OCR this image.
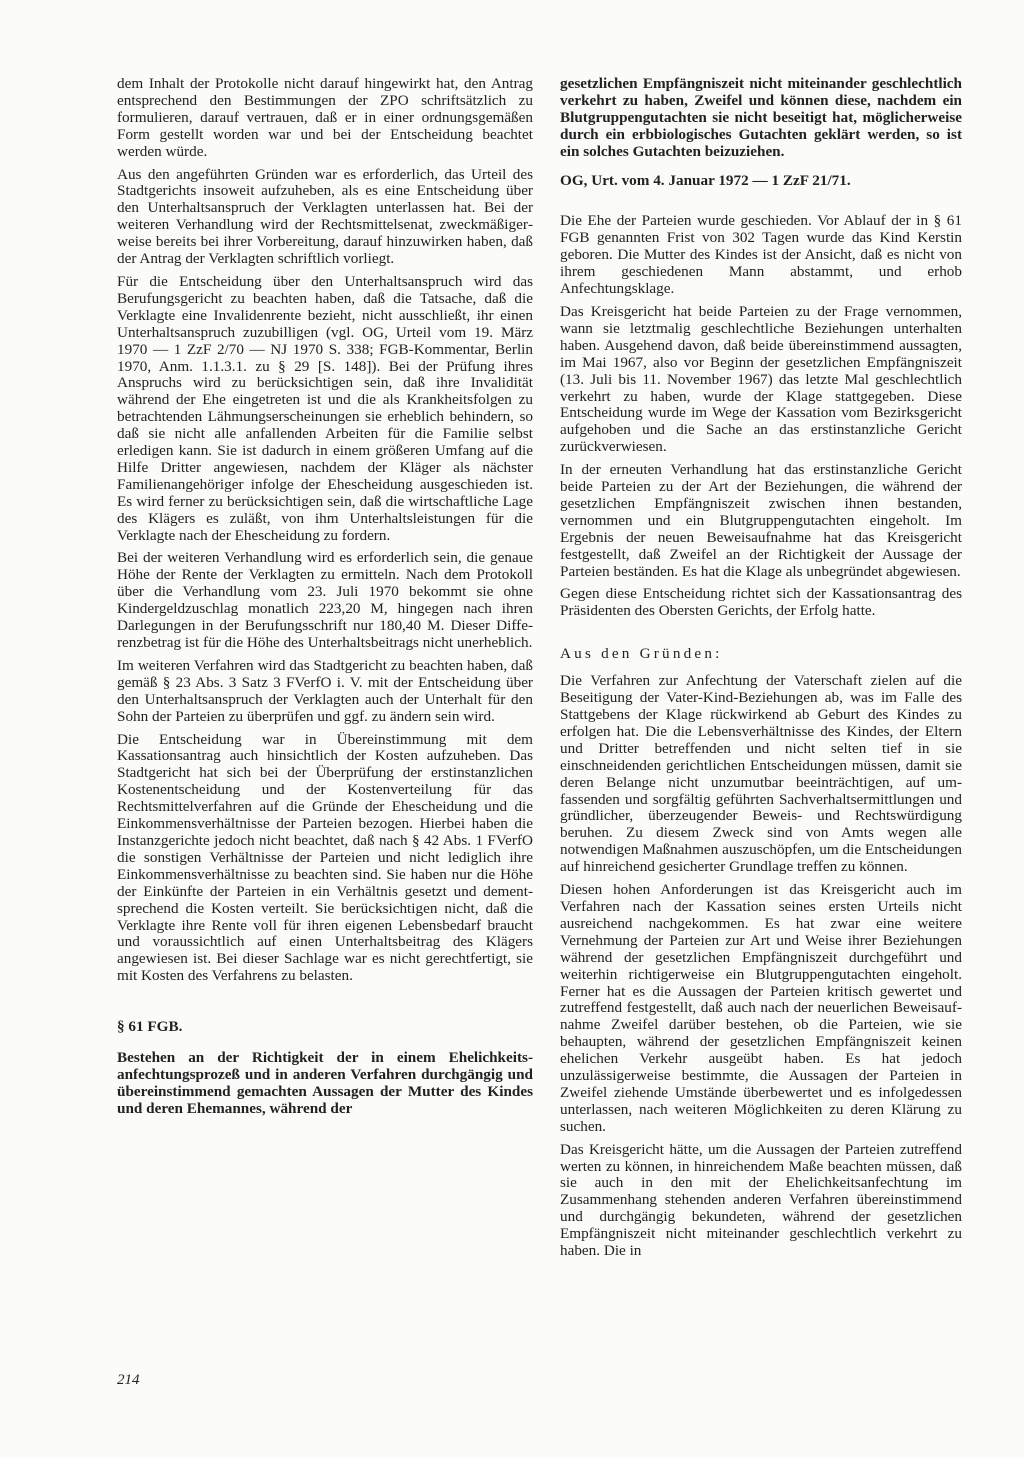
dem Inhalt der Protokolle nicht darauf hingewirkt hat, den Antrag entsprechend den Bestimmungen der ZPO schriftsätzlich zu formulieren, darauf vertrauen, daß er in einer ordnungsgemäßen Form gestellt worden war und bei der Entscheidung beachtet werden würde.

Aus den angeführten Gründen war es erforderlich, das Urteil des Stadtgerichts insoweit aufzuheben, als es eine Entscheidung über den Unterhaltsanspruch der Verklagten unterlassen hat. Bei der weiteren Verhandlung wird der Rechtsmittelsenat, zweckmäßigerweise bereits bei ihrer Vorbereitung, darauf hinzuwirken haben, daß der Antrag der Verklagten schriftlich vorliegt.

Für die Entscheidung über den Unterhaltsanspruch wird das Berufungsgericht zu beachten haben, daß die Tatsache, daß die Verklagte eine Invalidenrente bezieht, nicht ausschließt, ihr einen Unterhaltsanspruch zuzubilligen (vgl. OG, Urteil vom 19. März 1970 — 1 ZzF 2/70 — NJ 1970 S. 338; FGB-Kommentar, Berlin 1970, Anm. 1.1.3.1. zu § 29 [S. 148]). Bei der Prüfung ihres Anspruchs wird zu berücksichtigen sein, daß ihre Invalidität während der Ehe eingetreten ist und die als Krankheitsfolgen zu betrachtenden Lähmungserscheinungen sie erheblich behindern, so daß sie nicht alle anfallenden Arbeiten für die Familie selbst erledigen kann. Sie ist dadurch in einem größeren Umfang auf die Hilfe Dritter angewiesen, nachdem der Kläger als nächster Familienangehöriger infolge der Ehescheidung ausgeschieden ist. Es wird ferner zu berücksichtigen sein, daß die wirtschaftliche Lage des Klägers es zuläßt, von ihm Unterhaltsleistungen für die Verklagte nach der Ehescheidung zu fordern.

Bei der weiteren Verhandlung wird es erforderlich sein, die genaue Höhe der Rente der Verklagten zu ermitteln. Nach dem Protokoll über die Verhandlung vom 23. Juli 1970 bekommt sie ohne Kindergeldzuschlag monatlich 223,20 M, hingegen nach ihren Darlegungen in der Berufungsschrift nur 180,40 M. Dieser Differenzbetrag ist für die Höhe des Unterhaltsbeitrags nicht unerheblich.

Im weiteren Verfahren wird das Stadtgericht zu beachten haben, daß gemäß § 23 Abs. 3 Satz 3 FVerfO i. V. mit der Entscheidung über den Unterhaltsanspruch der Verklagten auch der Unterhalt für den Sohn der Parteien zu überprüfen und ggf. zu ändern sein wird.

Die Entscheidung war in Übereinstimmung mit dem Kassationsantrag auch hinsichtlich der Kosten aufzuheben. Das Stadtgericht hat sich bei der Überprüfung der erstinstanzlichen Kostenentscheidung und der Kostenverteilung für das Rechtsmittelverfahren auf die Gründe der Ehescheidung und die Einkommensverhältnisse der Parteien bezogen. Hierbei haben die Instanzgerichte jedoch nicht beachtet, daß nach § 42 Abs. 1 FVerfO die sonstigen Verhältnisse der Parteien und nicht lediglich ihre Einkommensverhältnisse zu beachten sind. Sie haben nur die Höhe der Einkünfte der Parteien in ein Verhältnis gesetzt und dementsprechend die Kosten verteilt. Sie berücksichtigen nicht, daß die Verklagte ihre Rente voll für ihren eigenen Lebensbedarf braucht und voraussichtlich auf einen Unterhaltsbeitrag des Klägers angewiesen ist. Bei dieser Sachlage war es nicht gerechtfertigt, sie mit Kosten des Verfahrens zu belasten.

§ 61 FGB.

Bestehen an der Richtigkeit der in einem Ehelichkeitsanfechtungsprozeß und in anderen Verfahren durchgängig und übereinstimmend gemachten Aussagen der Mutter des Kindes und deren Ehemannes, während der

gesetzlichen Empfängniszeit nicht miteinander geschlechtlich verkehrt zu haben, Zweifel und können diese, nachdem ein Blutgruppengutachten sie nicht beseitigt hat, möglicherweise durch ein erbbiologisches Gutachten geklärt werden, so ist ein solches Gutachten beizuziehen.

OG, Urt. vom 4. Januar 1972 — 1 ZzF 21/71.

Die Ehe der Parteien wurde geschieden. Vor Ablauf der in § 61 FGB genannten Frist von 302 Tagen wurde das Kind Kerstin geboren. Die Mutter des Kindes ist der Ansicht, daß es nicht von ihrem geschiedenen Mann abstammt, und erhob Anfechtungsklage.

Das Kreisgericht hat beide Parteien zu der Frage vernommen, wann sie letztmalig geschlechtliche Beziehungen unterhalten haben. Ausgehend davon, daß beide übereinstimmend aussagten, im Mai 1967, also vor Beginn der gesetzlichen Empfängniszeit (13. Juli bis 11. November 1967) das letzte Mal geschlechtlich verkehrt zu haben, wurde der Klage stattgegeben. Diese Entscheidung wurde im Wege der Kassation vom Bezirksgericht aufgehoben und die Sache an das erstinstanzliche Gericht zurückverwiesen.

In der erneuten Verhandlung hat das erstinstanzliche Gericht beide Parteien zu der Art der Beziehungen, die während der gesetzlichen Empfängniszeit zwischen ihnen bestanden, vernommen und ein Blutgruppengutachten eingeholt. Im Ergebnis der neuen Beweisaufnahme hat das Kreisgericht festgestellt, daß Zweifel an der Richtigkeit der Aussage der Parteien beständen. Es hat die Klage als unbegründet abgewiesen.

Gegen diese Entscheidung richtet sich der Kassationsantrag des Präsidenten des Obersten Gerichts, der Erfolg hatte.

Aus den Gründen:

Die Verfahren zur Anfechtung der Vaterschaft zielen auf die Beseitigung der Vater-Kind-Beziehungen ab, was im Falle des Stattgebens der Klage rückwirkend ab Geburt des Kindes zu erfolgen hat. Die die Lebensverhältnisse des Kindes, der Eltern und Dritter betreffenden und nicht selten tief in sie einschneidenden gerichtlichen Entscheidungen müssen, damit sie deren Belange nicht unzumutbar beeinträchtigen, auf umfassenden und sorgfältig geführten Sachverhaltsermittlungen und gründlicher, überzeugender Beweis- und Rechtswürdigung beruhen. Zu diesem Zweck sind von Amts wegen alle notwendigen Maßnahmen auszuschöpfen, um die Entscheidungen auf hinreichend gesicherter Grundlage treffen zu können.

Diesen hohen Anforderungen ist das Kreisgericht auch im Verfahren nach der Kassation seines ersten Urteils nicht ausreichend nachgekommen. Es hat zwar eine weitere Vernehmung der Parteien zur Art und Weise ihrer Beziehungen während der gesetzlichen Empfängniszeit durchgeführt und weiterhin richtigerweise ein Blutgruppengutachten eingeholt. Ferner hat es die Aussagen der Parteien kritisch gewertet und zutreffend festgestellt, daß auch nach der neuerlichen Beweisaufnahme Zweifel darüber bestehen, ob die Parteien, wie sie behaupten, während der gesetzlichen Empfängniszeit keinen ehelichen Verkehr ausgeübt haben. Es hat jedoch unzulässigerweise bestimmte, die Aussagen der Parteien in Zweifel ziehende Umstände überbewertet und es infolgedessen unterlassen, nach weiteren Möglichkeiten zu deren Klärung zu suchen.

Das Kreisgericht hätte, um die Aussagen der Parteien zutreffend werten zu können, in hinreichendem Maße beachten müssen, daß sie auch in den mit der Ehelichkeitsanfechtung im Zusammenhang stehenden anderen Verfahren übereinstimmend und durchgängig bekundeten, während der gesetzlichen Empfängniszeit nicht miteinander geschlechtlich verkehrt zu haben. Die in

214
